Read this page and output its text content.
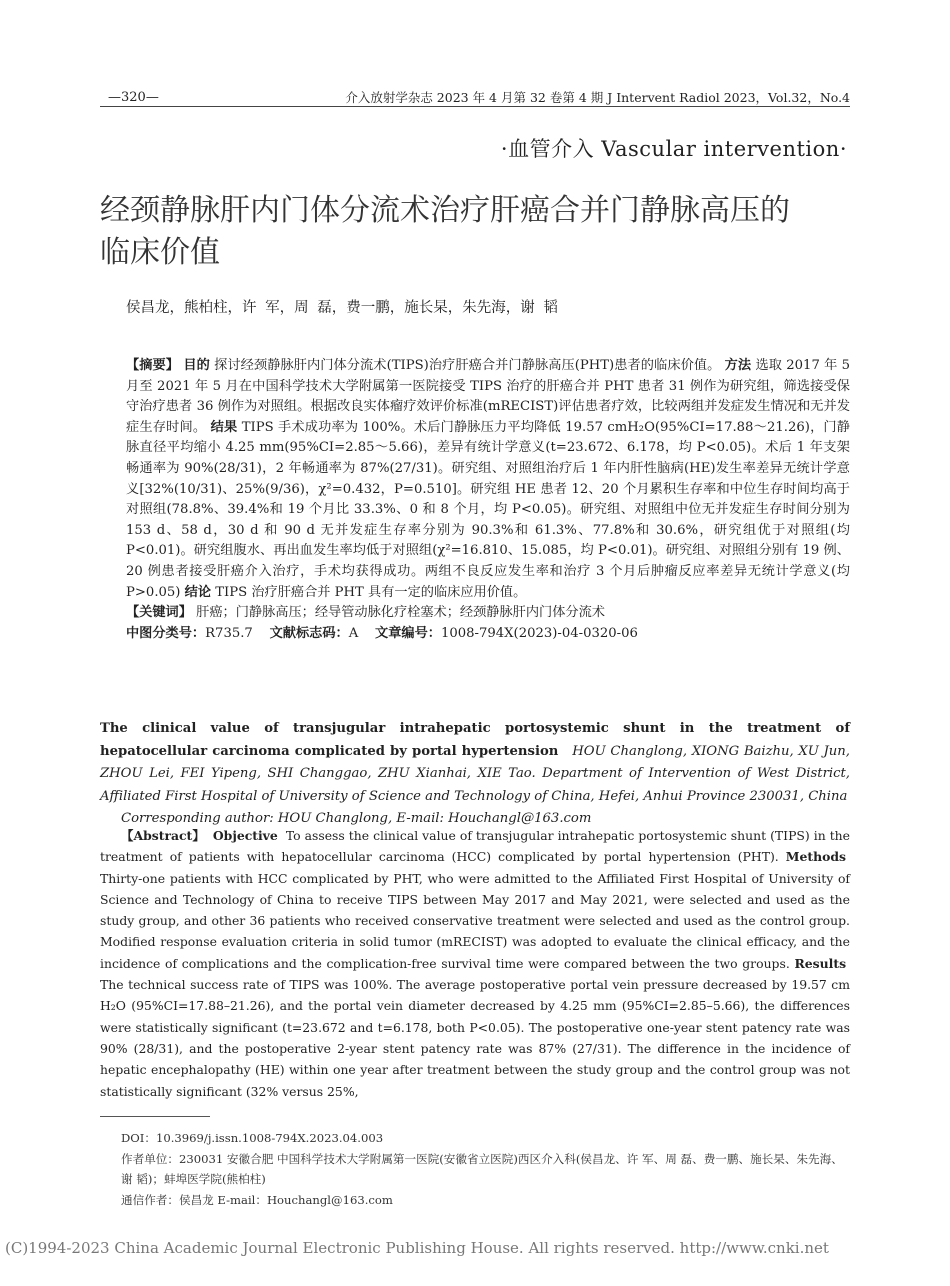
—320—	介入放射学杂志 2023 年 4 月第 32 卷第 4 期 J Intervent Radiol 2023，Vol.32，No.4
·血管介入 Vascular intervention·
经颈静脉肝内门体分流术治疗肝癌合并门静脉高压的临床价值
侯昌龙，熊柏柱，许 军，周 磊，费一鹏，施长杲，朱先海，谢 韬

【摘要】 目的 探讨经颈静脉肝内门体分流术(TIPS)治疗肝癌合并门静脉高压(PHT)患者的临床价值。 方法 选取 2017 年 5 月至 2021 年 5 月在中国科学技术大学附属第一医院接受 TIPS 治疗的肝癌合并 PHT 患者 31 例作为研究组，筛选接受保守治疗患者 36 例作为对照组。根据改良实体瘤疗效评价标准(mRECIST)评估患者疗效，比较两组并发症发生情况和无并发症生存时间。 结果 TIPS 手术成功率为 100%。术后门静脉压力平均降低 19.57 cmH₂O(95%CI=17.88～21.26)，门静脉直径平均缩小 4.25 mm(95%CI=2.85～5.66)，差异有统计学意义(t=23.672、6.178，均 P<0.05)。术后 1 年支架畅通率为 90%(28/31)，2 年畅通率为 87%(27/31)。研究组、对照组治疗后 1 年内肝性脑病(HE)发生率差异无统计学意义[32%(10/31)、25%(9/36)，χ²=0.432，P=0.510]。研究组 HE 患者 12、20 个月累积生存率和中位生存时间均高于对照组(78.8%、39.4%和 19 个月比 33.3%、0 和 8 个月，均 P<0.05)。研究组、对照组中位无并发症生存时间分别为 153 d、58 d，30 d 和 90 d 无并发症生存率分别为 90.3%和 61.3%、77.8%和 30.6%，研究组优于对照组(均 P<0.01)。研究组腹水、再出血发生率均低于对照组(χ²=16.810、15.085，均 P<0.01)。研究组、对照组分别有 19 例、20 例患者接受肝癌介入治疗，手术均获得成功。两组不良反应发生率和治疗 3 个月后肿瘤反应率差异无统计学意义(均 P>0.05) 结论 TIPS 治疗肝癌合并 PHT 具有一定的临床应用价值。

【关键词】 肝癌；门静脉高压；经导管动脉化疗栓塞术；经颈静脉肝内门体分流术

中图分类号：R735.7 文献标志码：A 文章编号：1008-794X(2023)-04-0320-06

The clinical value of transjugular intrahepatic portosystemic shunt in the treatment of hepatocellular carcinoma complicated by portal hypertension HOU Changlong, XIONG Baizhu, XU Jun, ZHOU Lei, FEI Yipeng, SHI Changgao, ZHU Xianhai, XIE Tao. Department of Intervention of West District, Affiliated First Hospital of University of Science and Technology of China, Hefei, Anhui Province 230031, China
Corresponding author: HOU Changlong, E-mail: Houchangl@163.com
【Abstract】 Objective To assess the clinical value of transjugular intrahepatic portosystemic shunt (TIPS) in the treatment of patients with hepatocellular carcinoma (HCC) complicated by portal hypertension (PHT). Methods  Thirty-one patients with HCC complicated by PHT, who were admitted to the Affiliated First Hospital of University of Science and Technology of China to receive TIPS between May 2017 and May 2021, were selected and used as the study group, and other 36 patients who received conservative treatment were selected and used as the control group. Modified response evaluation criteria in solid tumor (mRECIST) was adopted to evaluate the clinical efficacy, and the incidence of complications and the complication-free survival time were compared between the two groups. Results  The technical success rate of TIPS was 100%. The average postoperative portal vein pressure decreased by 19.57 cm H₂O (95%CI=17.88–21.26), and the portal vein diameter decreased by 4.25 mm (95%CI=2.85–5.66), the differences were statistically significant (t=23.672 and t=6.178, both P<0.05). The postoperative one-year stent patency rate was 90% (28/31), and the postoperative 2-year stent patency rate was 87% (27/31). The difference in the incidence of hepatic encephalopathy (HE) within one year after treatment between the study group and the control group was not statistically significant (32% versus 25%,

DOI：10.3969/j.issn.1008-794X.2023.04.003

作者单位：230031 安徽合肥 中国科学技术大学附属第一医院(安徽省立医院)西区介入科(侯昌龙、许 军、周 磊、费一鹏、施长杲、朱先海、谢 韬)；蚌埠医学院(熊柏柱)

通信作者：侯昌龙 E-mail：Houchangl@163.com

(C)1994-2023 China Academic Journal Electronic Publishing House. All rights reserved. http://www.cnki.net
